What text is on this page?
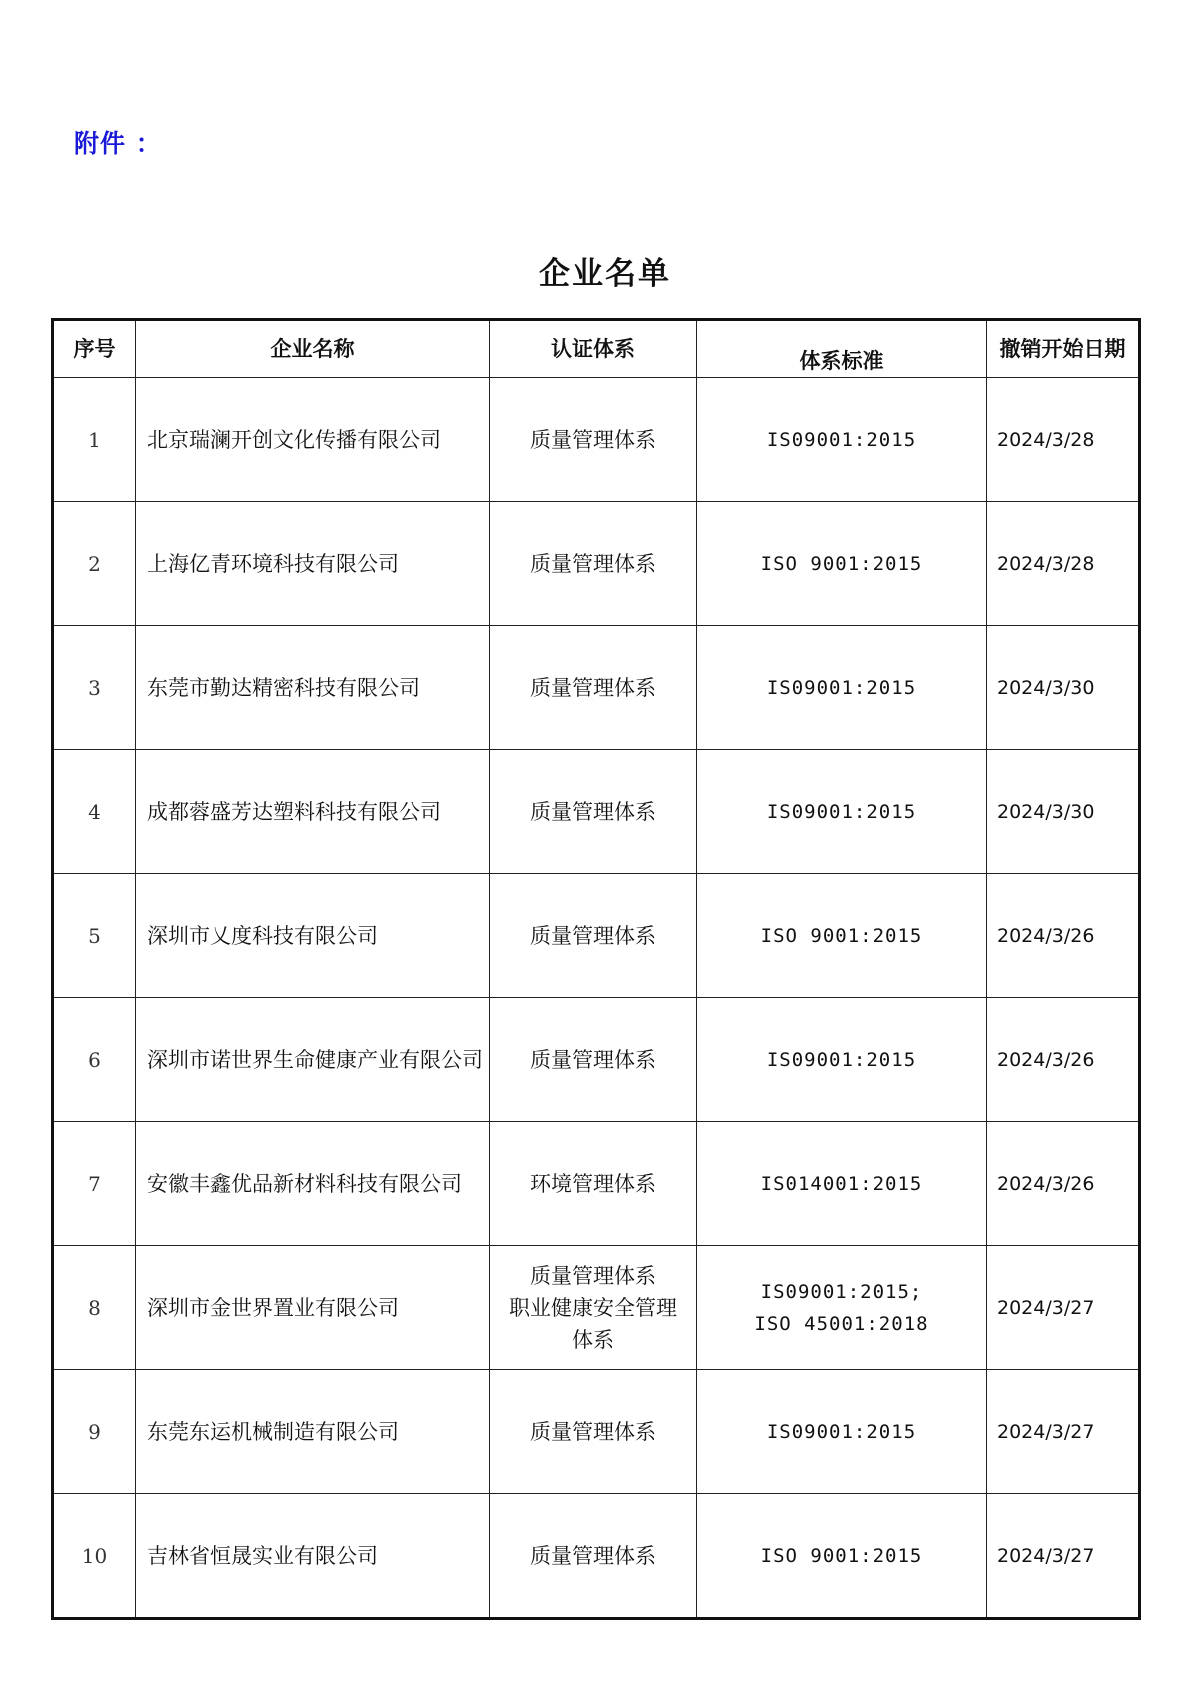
附件 ：
企业名单
序号	企业名称	认证体系	体系标准	撤销开始日期
1	北京瑞澜开创文化传播有限公司	质量管理体系	IS09001:2015	2024/3/28
2	上海亿青环境科技有限公司	质量管理体系	ISO 9001:2015	2024/3/28
3	东莞市勤达精密科技有限公司	质量管理体系	IS09001:2015	2024/3/30
4	成都蓉盛芳达塑料科技有限公司	质量管理体系	IS09001:2015	2024/3/30
5	深圳市乂度科技有限公司	质量管理体系	ISO 9001:2015	2024/3/26
6	深圳市诺世界生命健康产业有限公司	质量管理体系	IS09001:2015	2024/3/26
7	安徽丰鑫优品新材料科技有限公司	环境管理体系	IS014001:2015	2024/3/26
8	深圳市金世界置业有限公司	质量管理体系
职业健康安全管理
体系	IS09001:2015;
ISO 45001:2018	2024/3/27
9	东莞东运机械制造有限公司	质量管理体系	IS09001:2015	2024/3/27
10	吉林省恒晟实业有限公司	质量管理体系	ISO 9001:2015	2024/3/27
